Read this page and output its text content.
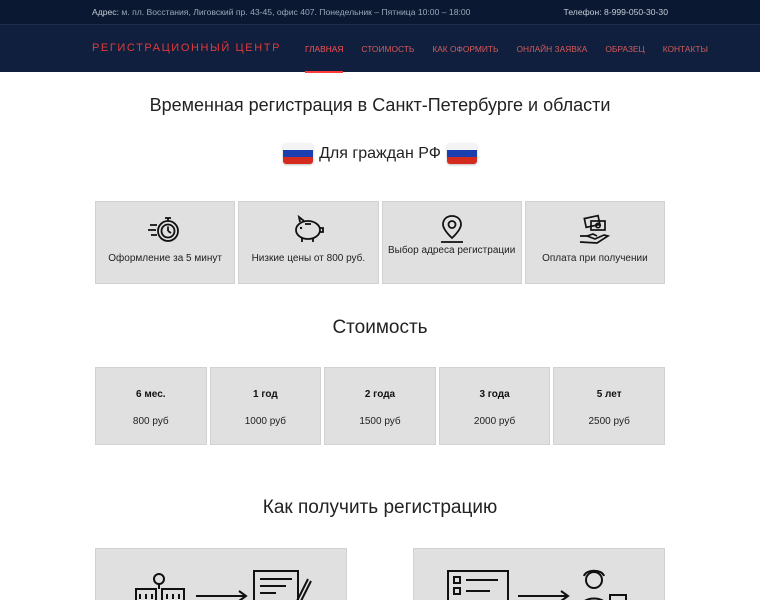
Адрес: м. пл. Восстания, Лиговский пр. 43-45, офис 407. Понедельник – Пятница 10:00 – 18:00	Телефон: 8-999-050-30-30
РЕГИСТРАЦИОННЫЙ ЦЕНТР	ГЛАВНАЯ СТОИМОСТЬ КАК ОФОРМИТЬ ОНЛАЙН ЗАЯВКА ОБРАЗЕЦ КОНТАКТЫ
Временная регистрация в Санкт-Петербурге и области
Для граждан РФ
Оформление за 5 минут	Низкие цены от 800 руб.
Выбор адреса регистрации
Оплата при получении
Стоимость
6 мес.
800 руб
1 год
1000 руб
2 года
1500 руб
3 года
2000 руб
5 лет
2500 руб
Как получить регистрацию
